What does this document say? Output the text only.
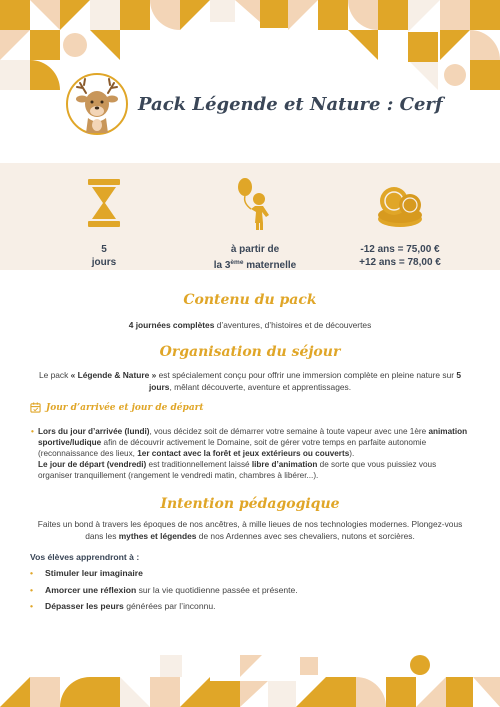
Pack Légende et Nature : Cerf
5
jours
à partir de
la 3ème maternelle
-12 ans = 75,00 €
+12 ans = 78,00 €
Contenu du pack
4 journées complètes d’aventures, d’histoires et de découvertes
Organisation du séjour
Le pack « Légende & Nature » est spécialement conçu pour offrir une immersion complète en pleine nature sur 5 jours, mêlant découverte, aventure et apprentissages.
Jour d’arrivée et jour de départ
• Lors du jour d’arrivée (lundi), vous décidez soit de démarrer votre semaine à toute vapeur avec une 1ère animation sportive/ludique afin de découvrir activement le Domaine, soit de gérer votre temps en parfaite autonomie (reconnaissance des lieux, 1er contact avec la forêt et jeux extérieurs ou couverts).

Le jour de départ (vendredi) est traditionnellement laissé libre d’animation de sorte que vous puissiez vous organiser tranquillement (rangement le vendredi matin, chambres à libérer...).

Intention pédagogique
Faites un bond à travers les époques de nos ancêtres, à mille lieues de nos technologies modernes. Plongez-vous dans les mythes et légendes de nos Ardennes avec ses chevaliers, nutons et sorcières.
Vos élèves apprendront à :
• Stimuler leur imaginaire
• Amorcer une réflexion sur la vie quotidienne passée et présente.
• Dépasser les peurs générées par l’inconnu.
